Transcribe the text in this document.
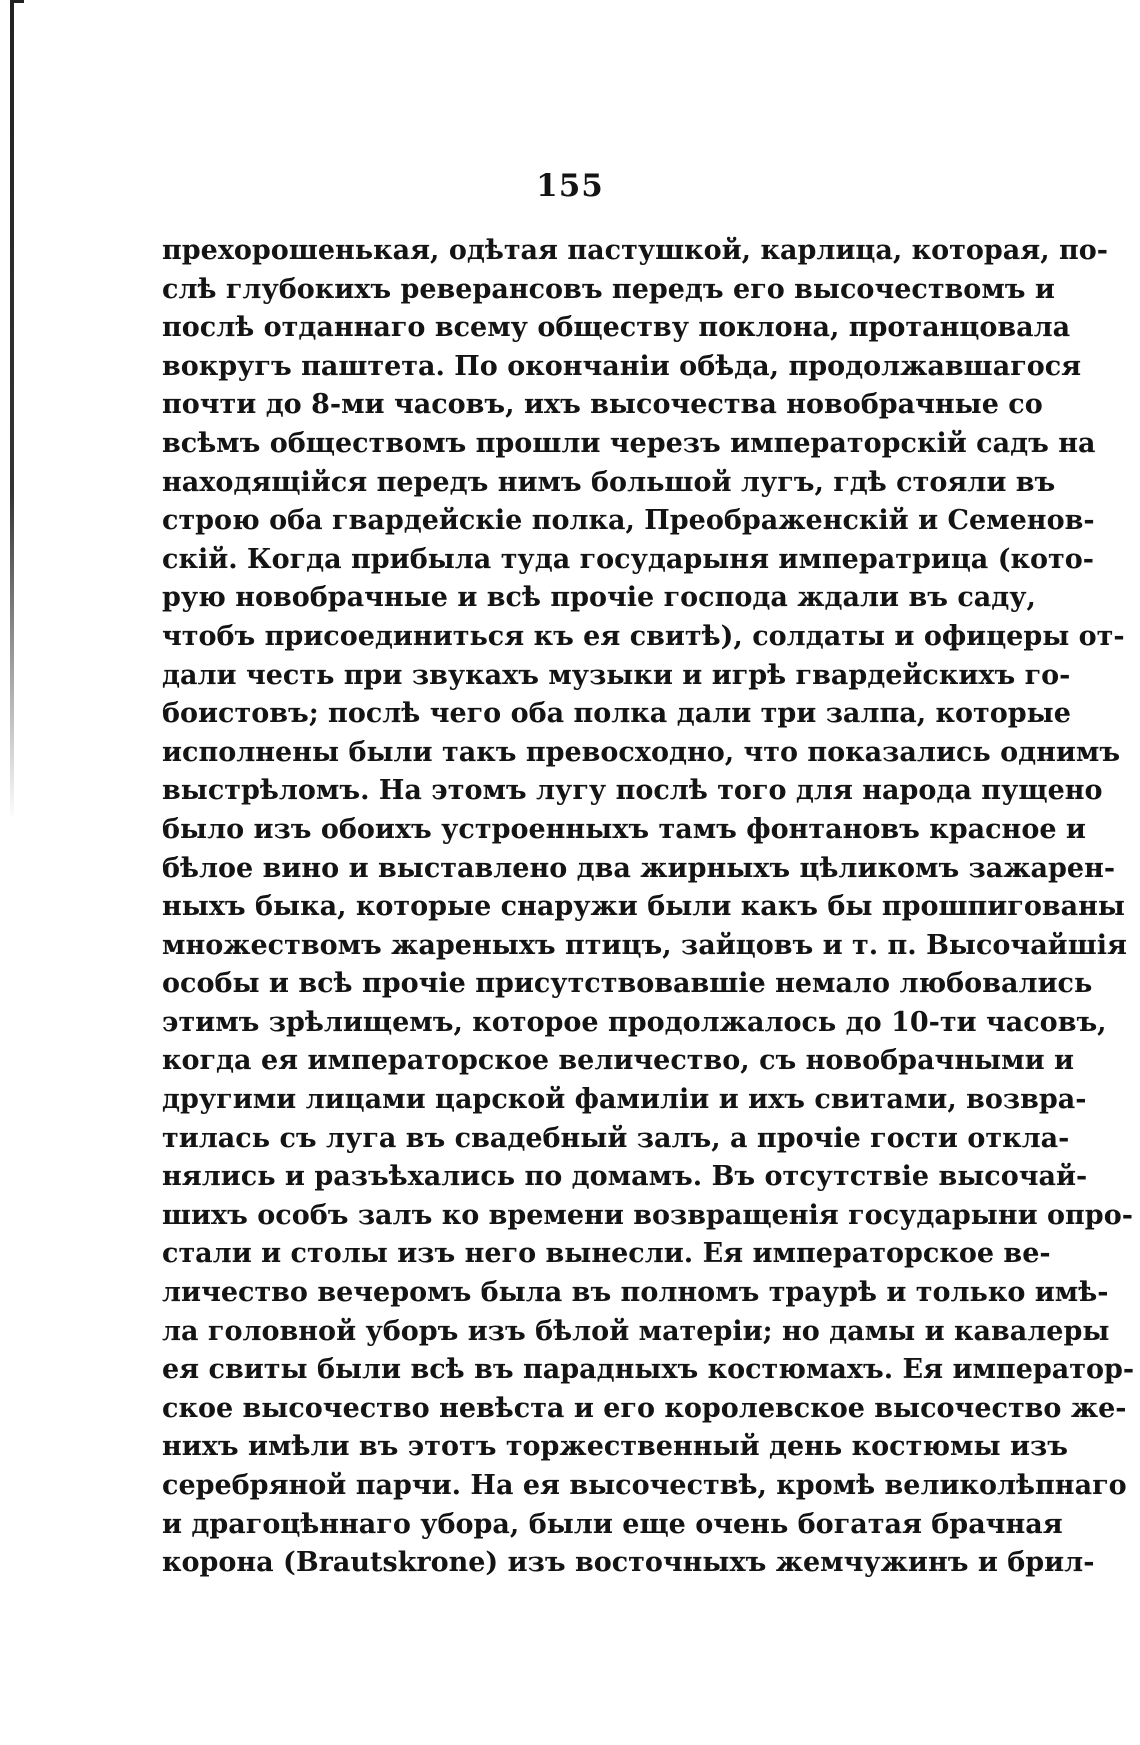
155
прехорошенькая, одѣтая пастушкой, карлица, которая, по-
слѣ глубокихъ реверансовъ передъ его высочествомъ и
послѣ отданнаго всему обществу поклона, протанцовала
вокругъ паштета. По окончаніи обѣда, продолжавшагося
почти до 8-ми часовъ, ихъ высочества новобрачные со
всѣмъ обществомъ прошли черезъ императорскій садъ на
находящійся передъ нимъ большой лугъ, гдѣ стояли въ
строю оба гвардейскіе полка, Преображенскій и Семенов-
скій. Когда прибыла туда государыня императрица (кото-
рую новобрачные и всѣ прочіе господа ждали въ саду,
чтобъ присоединиться къ ея свитѣ), солдаты и офицеры от-
дали честь при звукахъ музыки и игрѣ гвардейскихъ го-
боистовъ; послѣ чего оба полка дали три залпа, которые
исполнены были такъ превосходно, что показались однимъ
выстрѣломъ. На этомъ лугу послѣ того для народа пущено
было изъ обоихъ устроенныхъ тамъ фонтановъ красное и
бѣлое вино и выставлено два жирныхъ цѣликомъ зажарен-
ныхъ быка, которые снаружи были какъ бы прошпигованы
множествомъ жареныхъ птицъ, зайцовъ и т. п. Высочайшія
особы и всѣ прочіе присутствовавшіе немало любовались
этимъ зрѣлищемъ, которое продолжалось до 10-ти часовъ,
когда ея императорское величество, съ новобрачными и
другими лицами царской фамиліи и ихъ свитами, возвра-
тилась съ луга въ свадебный залъ, а прочіе гости откла-
нялись и разъѣхались по домамъ. Въ отсутствіе высочай-
шихъ особъ залъ ко времени возвращенія государыни опро-
стали и столы изъ него вынесли. Ея императорское ве-
личество вечеромъ была въ полномъ траурѣ и только имѣ-
ла головной уборъ изъ бѣлой матеріи; но дамы и кавалеры
ея свиты были всѣ въ парадныхъ костюмахъ. Ея император-
ское высочество невѣста и его королевское высочество же-
нихъ имѣли въ этотъ торжественный день костюмы изъ
серебряной парчи. На ея высочествѣ, кромѣ великолѣпнаго
и драгоцѣннаго убора, были еще очень богатая брачная
корона (Brautskrone) изъ восточныхъ жемчужинъ и брил-
